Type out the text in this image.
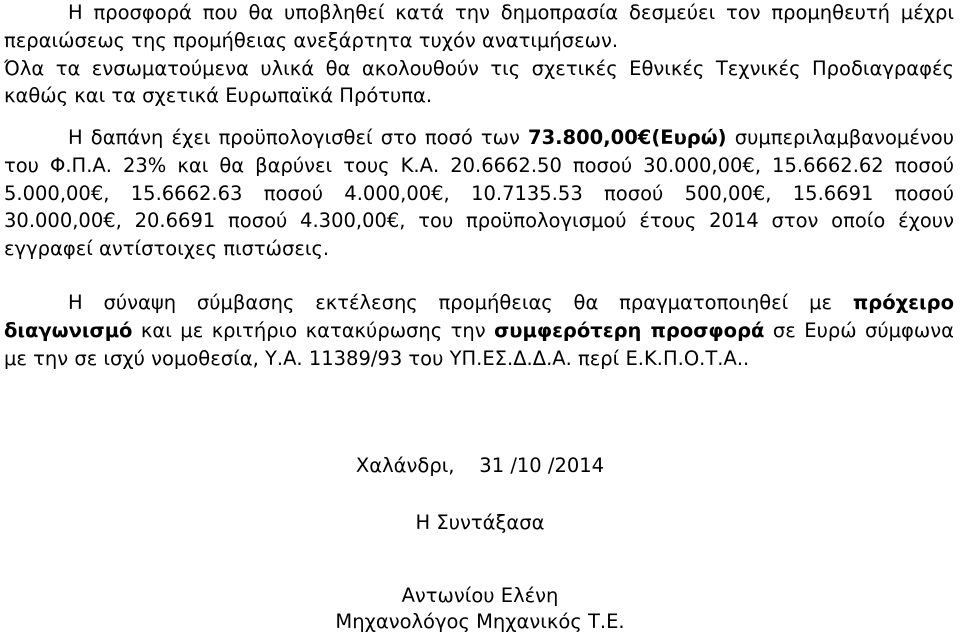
Η προσφορά που θα υποβληθεί κατά την δημοπρασία δεσμεύει τον προμηθευτή μέχρι περαιώσεως της προμήθειας ανεξάρτητα τυχόν ανατιμήσεων.
Όλα τα ενσωματούμενα υλικά θα ακολουθούν τις σχετικές Εθνικές Τεχνικές Προδιαγραφές καθώς και τα σχετικά Ευρωπαϊκά Πρότυπα.
Η δαπάνη έχει προϋπολογισθεί στο ποσό των 73.800,00€(Ευρώ) συμπεριλαμβανομένου του Φ.Π.Α. 23% και θα βαρύνει τους Κ.Α. 20.6662.50 ποσού 30.000,00€, 15.6662.62 ποσού 5.000,00€, 15.6662.63 ποσού 4.000,00€, 10.7135.53 ποσού 500,00€, 15.6691 ποσού 30.000,00€, 20.6691 ποσού 4.300,00€, του προϋπολογισμού έτους 2014 στον οποίο έχουν εγγραφεί αντίστοιχες πιστώσεις.
Η σύναψη σύμβασης εκτέλεσης προμήθειας θα πραγματοποιηθεί με πρόχειρο διαγωνισμό και με κριτήριο κατακύρωσης την συμφερότερη προσφορά σε Ευρώ σύμφωνα με την σε ισχύ νομοθεσία, Υ.Α. 11389/93 του ΥΠ.ΕΣ.Δ.Δ.Α. περί Ε.Κ.Π.Ο.Τ.Α..
Χαλάνδρι,    31 /10 /2014
Η Συντάξασα
Αντωνίου Ελένη
Μηχανολόγος Μηχανικός Τ.Ε.
